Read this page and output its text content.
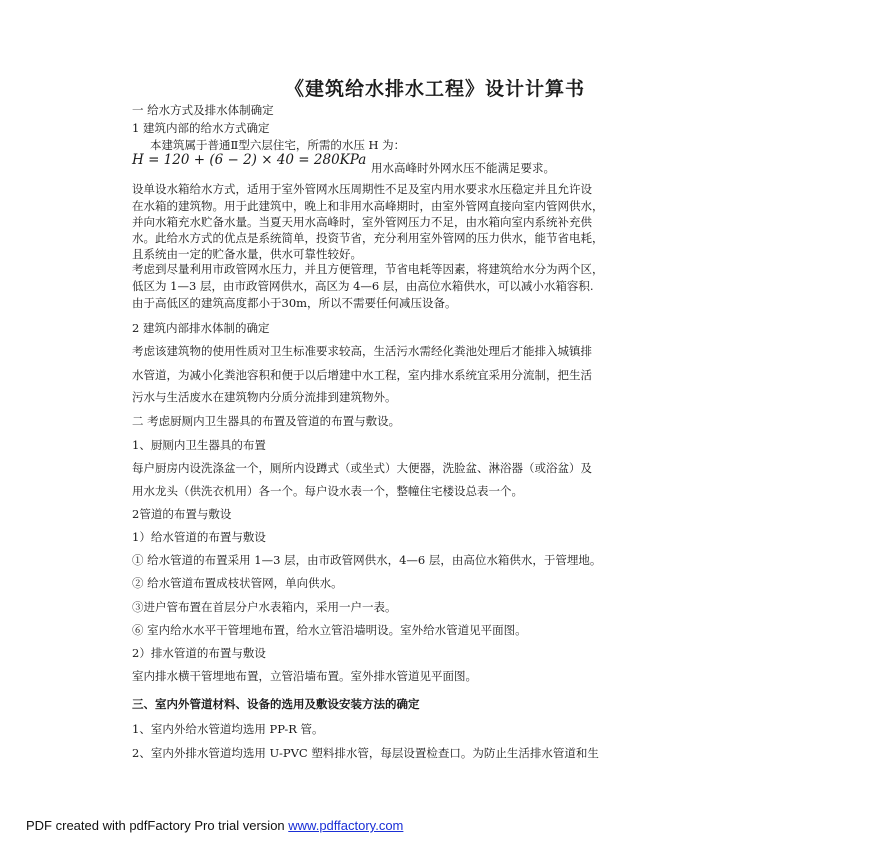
《建筑给水排水工程》设计计算书
一 给水方式及排水体制确定
1 建筑内部的给水方式确定
本建筑属于普通Ⅱ型六层住宅，所需的水压 H 为：
H = 120 + (6 − 2) × 40 = 280KPa 用水高峰时外网水压不能满足要求。
设单设水箱给水方式，适用于室外管网水压周期性不足及室内用水要求水压稳定并且允许设
在水箱的建筑物。用于此建筑中，晚上和非用水高峰期时，由室外管网直接向室内管网供水，
并向水箱充水贮备水量。当夏天用水高峰时，室外管网压力不足，由水箱向室内系统补充供
水。此给水方式的优点是系统简单，投资节省，充分利用室外管网的压力供水，能节省电耗，
且系统由一定的贮备水量，供水可靠性较好。
考虑到尽量利用市政管网水压力，并且方便管理，节省电耗等因素，将建筑给水分为两个区，
低区为 1—3 层，由市政管网供水，高区为 4—6 层，由高位水箱供水，可以减小水箱容积.
由于高低区的建筑高度都小于30m，所以不需要任何减压设备。
2 建筑内部排水体制的确定
考虑该建筑物的使用性质对卫生标准要求较高，生活污水需经化粪池处理后才能排入城镇排
水管道，为减小化粪池容积和便于以后增建中水工程，室内排水系统宜采用分流制，把生活
污水与生活废水在建筑物内分质分流排到建筑物外。
二 考虑厨厕内卫生器具的布置及管道的布置与敷设。
1、厨厕内卫生器具的布置
每户厨房内设洗涤盆一个，厕所内设蹲式（或坐式）大便器，洗脸盆、淋浴器（或浴盆）及
用水龙头（供洗衣机用）各一个。每户设水表一个，整幢住宅楼设总表一个。
2管道的布置与敷设
1）给水管道的布置与敷设
① 给水管道的布置采用 1—3 层，由市政管网供水，4—6 层，由高位水箱供水，于管埋地。
② 给水管道布置成枝状管网，单向供水。
③进户管布置在首层分户水表箱内，采用一户一表。
⑥ 室内给水水平干管埋地布置，给水立管沿墙明设。室外给水管道见平面图。
2）排水管道的布置与敷设
室内排水横干管埋地布置，立管沿墙布置。室外排水管道见平面图。
三、室内外管道材料、设备的选用及敷设安装方法的确定
1、室内外给水管道均选用 PP-R 管。
2、室内外排水管道均选用 U-PVC 塑料排水管，每层设置检查口。为防止生活排水管道和生
PDF created with pdfFactory Pro trial version www.pdffactory.com
